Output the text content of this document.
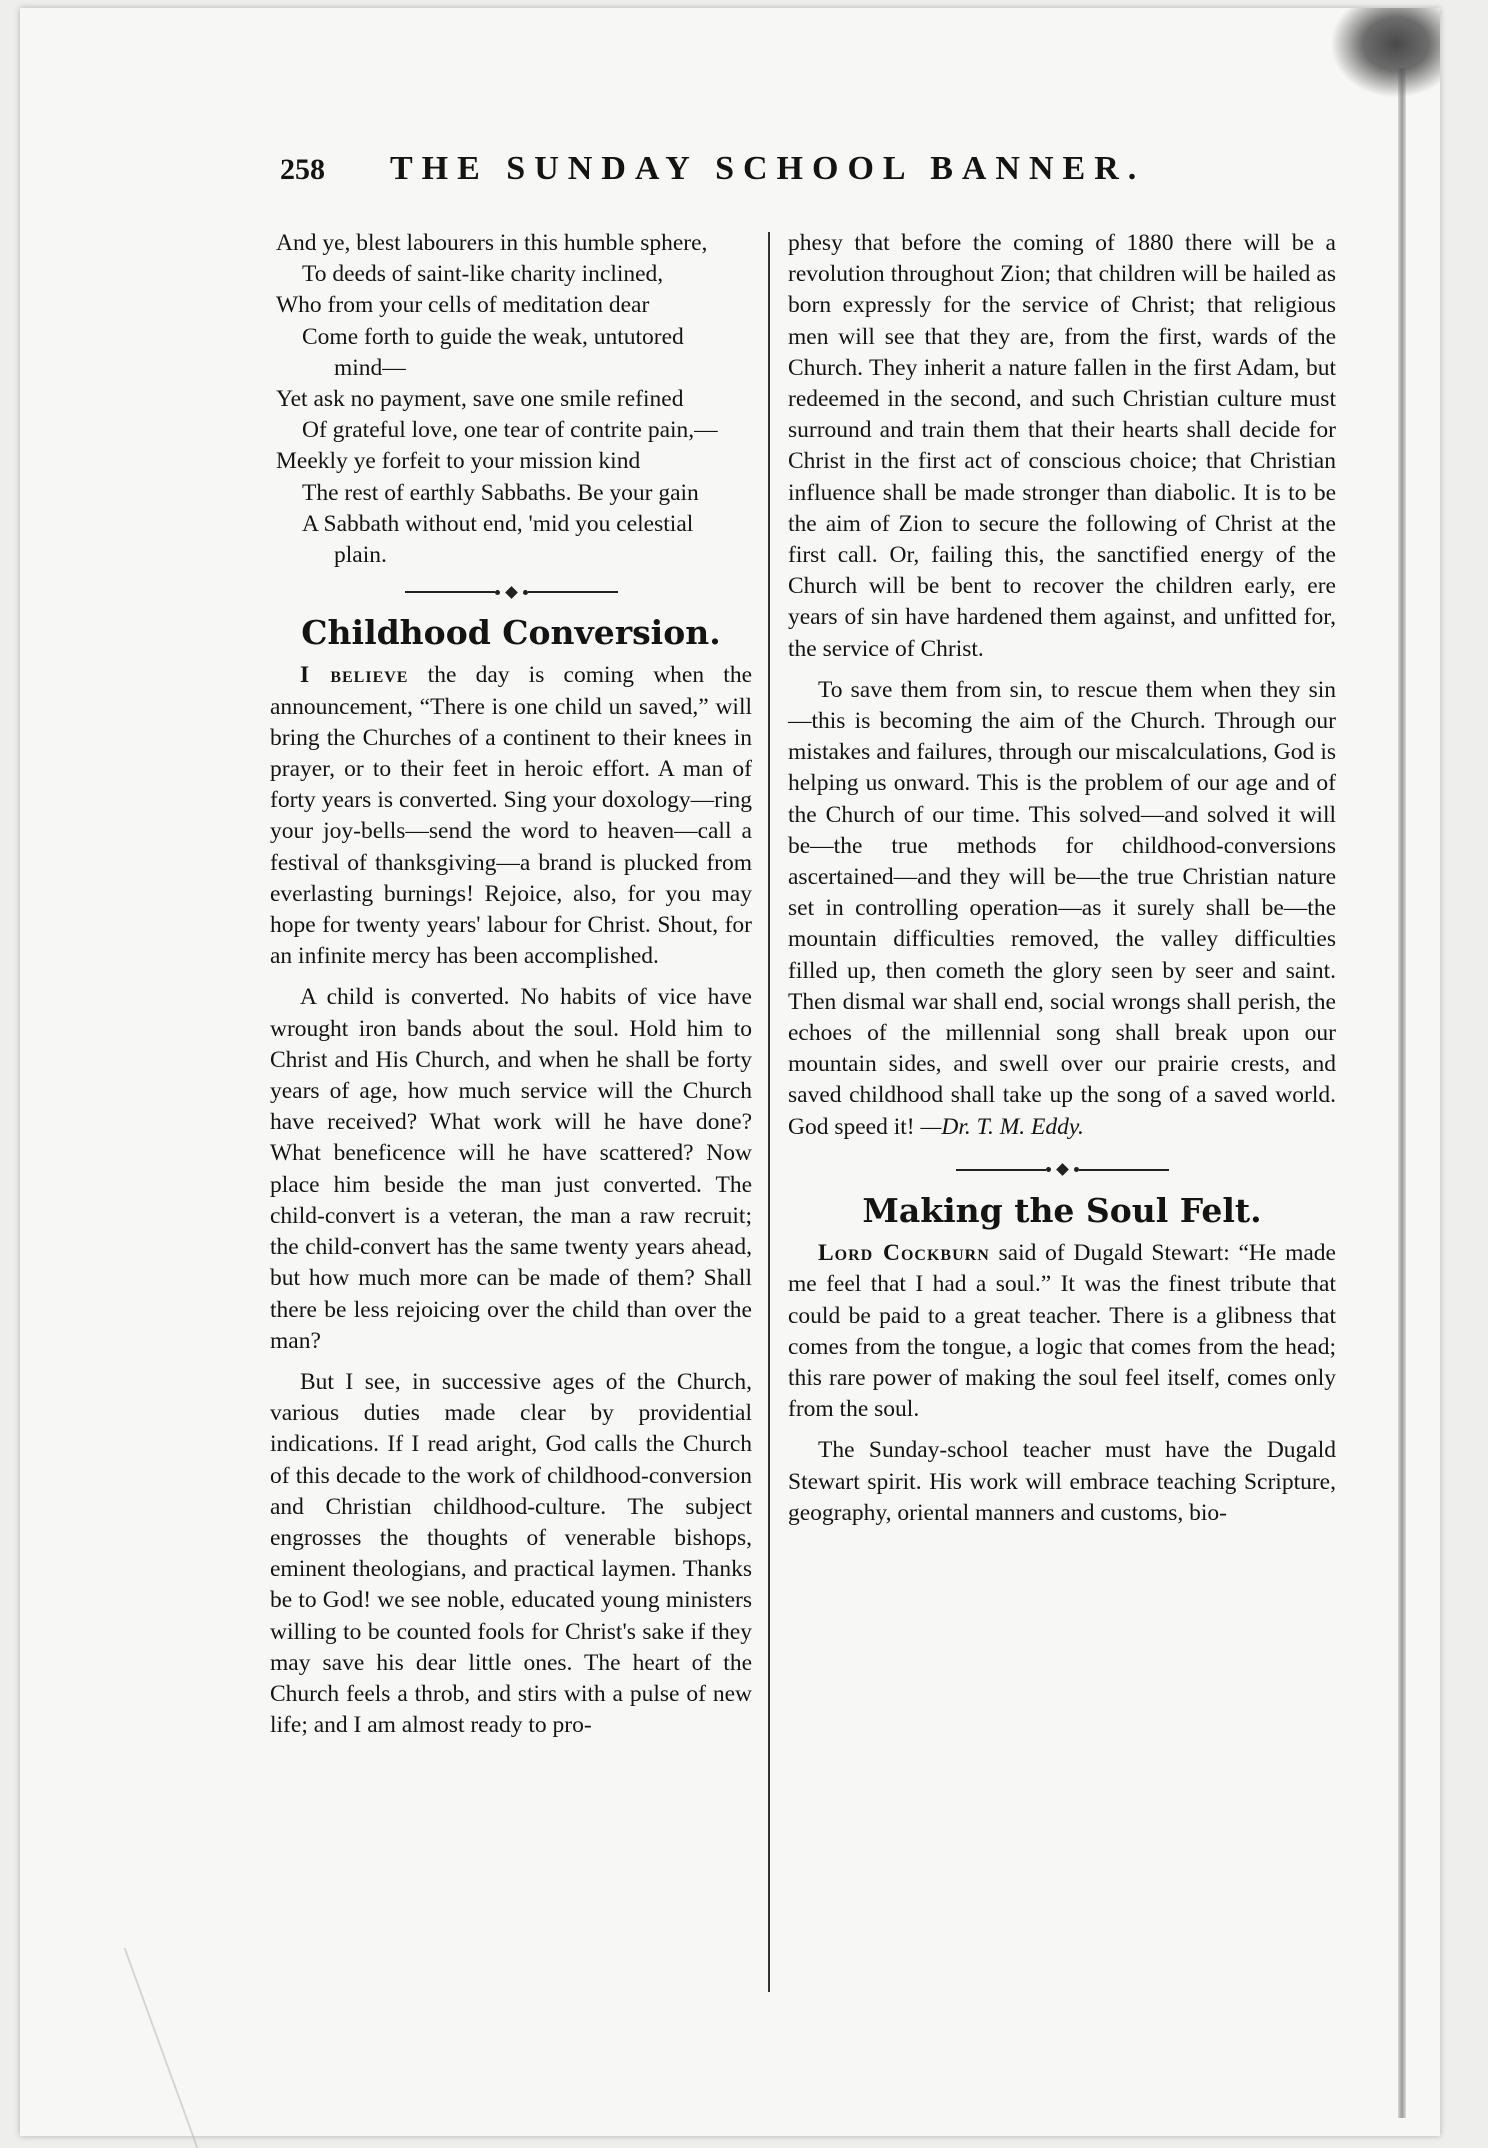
258	THE SUNDAY SCHOOL BANNER.
And ye, blest labourers in this humble sphere,
To deeds of saint-like charity inclined,
Who from your cells of meditation dear
Come forth to guide the weak, untutored
mind—
Yet ask no payment, save one smile refined
Of grateful love, one tear of contrite pain,—
Meekly ye forfeit to your mission kind
The rest of earthly Sabbaths. Be your gain
A Sabbath without end, 'mid you celestial
plain.
Childhood Conversion.

I believe the day is coming when the announcement, “There is one child un saved,” will bring the Churches of a continent to their knees in prayer, or to their feet in heroic effort. A man of forty years is converted. Sing your doxology—ring your joy-bells—send the word to heaven—call a festival of thanksgiving—a brand is plucked from everlasting burnings! Rejoice, also, for you may hope for twenty years' labour for Christ. Shout, for an infinite mercy has been accomplished.

A child is converted. No habits of vice have wrought iron bands about the soul. Hold him to Christ and His Church, and when he shall be forty years of age, how much service will the Church have received? What work will he have done? What beneficence will he have scattered? Now place him beside the man just converted. The child-convert is a veteran, the man a raw recruit; the child-convert has the same twenty years ahead, but how much more can be made of them? Shall there be less rejoicing over the child than over the man?

But I see, in successive ages of the Church, various duties made clear by providential indications. If I read aright, God calls the Church of this decade to the work of childhood-conversion and Christian childhood-culture. The subject engrosses the thoughts of venerable bishops, eminent theologians, and practical laymen. Thanks be to God! we see noble, educated young ministers willing to be counted fools for Christ's sake if they may save his dear little ones. The heart of the Church feels a throb, and stirs with a pulse of new life; and I am almost ready to pro-

phesy that before the coming of 1880 there will be a revolution throughout Zion; that children will be hailed as born expressly for the service of Christ; that religious men will see that they are, from the first, wards of the Church. They inherit a nature fallen in the first Adam, but redeemed in the second, and such Christian culture must surround and train them that their hearts shall decide for Christ in the first act of conscious choice; that Christian influence shall be made stronger than diabolic. It is to be the aim of Zion to secure the following of Christ at the first call. Or, failing this, the sanctified energy of the Church will be bent to recover the children early, ere years of sin have hardened them against, and unfitted for, the service of Christ.

To save them from sin, to rescue them when they sin—this is becoming the aim of the Church. Through our mistakes and failures, through our miscalculations, God is helping us onward. This is the problem of our age and of the Church of our time. This solved—and solved it will be—the true methods for childhood-conversions ascertained—and they will be—the true Christian nature set in controlling operation—as it surely shall be—the mountain difficulties removed, the valley difficulties filled up, then cometh the glory seen by seer and saint. Then dismal war shall end, social wrongs shall perish, the echoes of the millennial song shall break upon our mountain sides, and swell over our prairie crests, and saved childhood shall take up the song of a saved world. God speed it! —Dr. T. M. Eddy.

Making the Soul Felt.

Lord Cockburn said of Dugald Stewart: “He made me feel that I had a soul.” It was the finest tribute that could be paid to a great teacher. There is a glibness that comes from the tongue, a logic that comes from the head; this rare power of making the soul feel itself, comes only from the soul.

The Sunday-school teacher must have the Dugald Stewart spirit. His work will embrace teaching Scripture, geography, oriental manners and customs, bio-
